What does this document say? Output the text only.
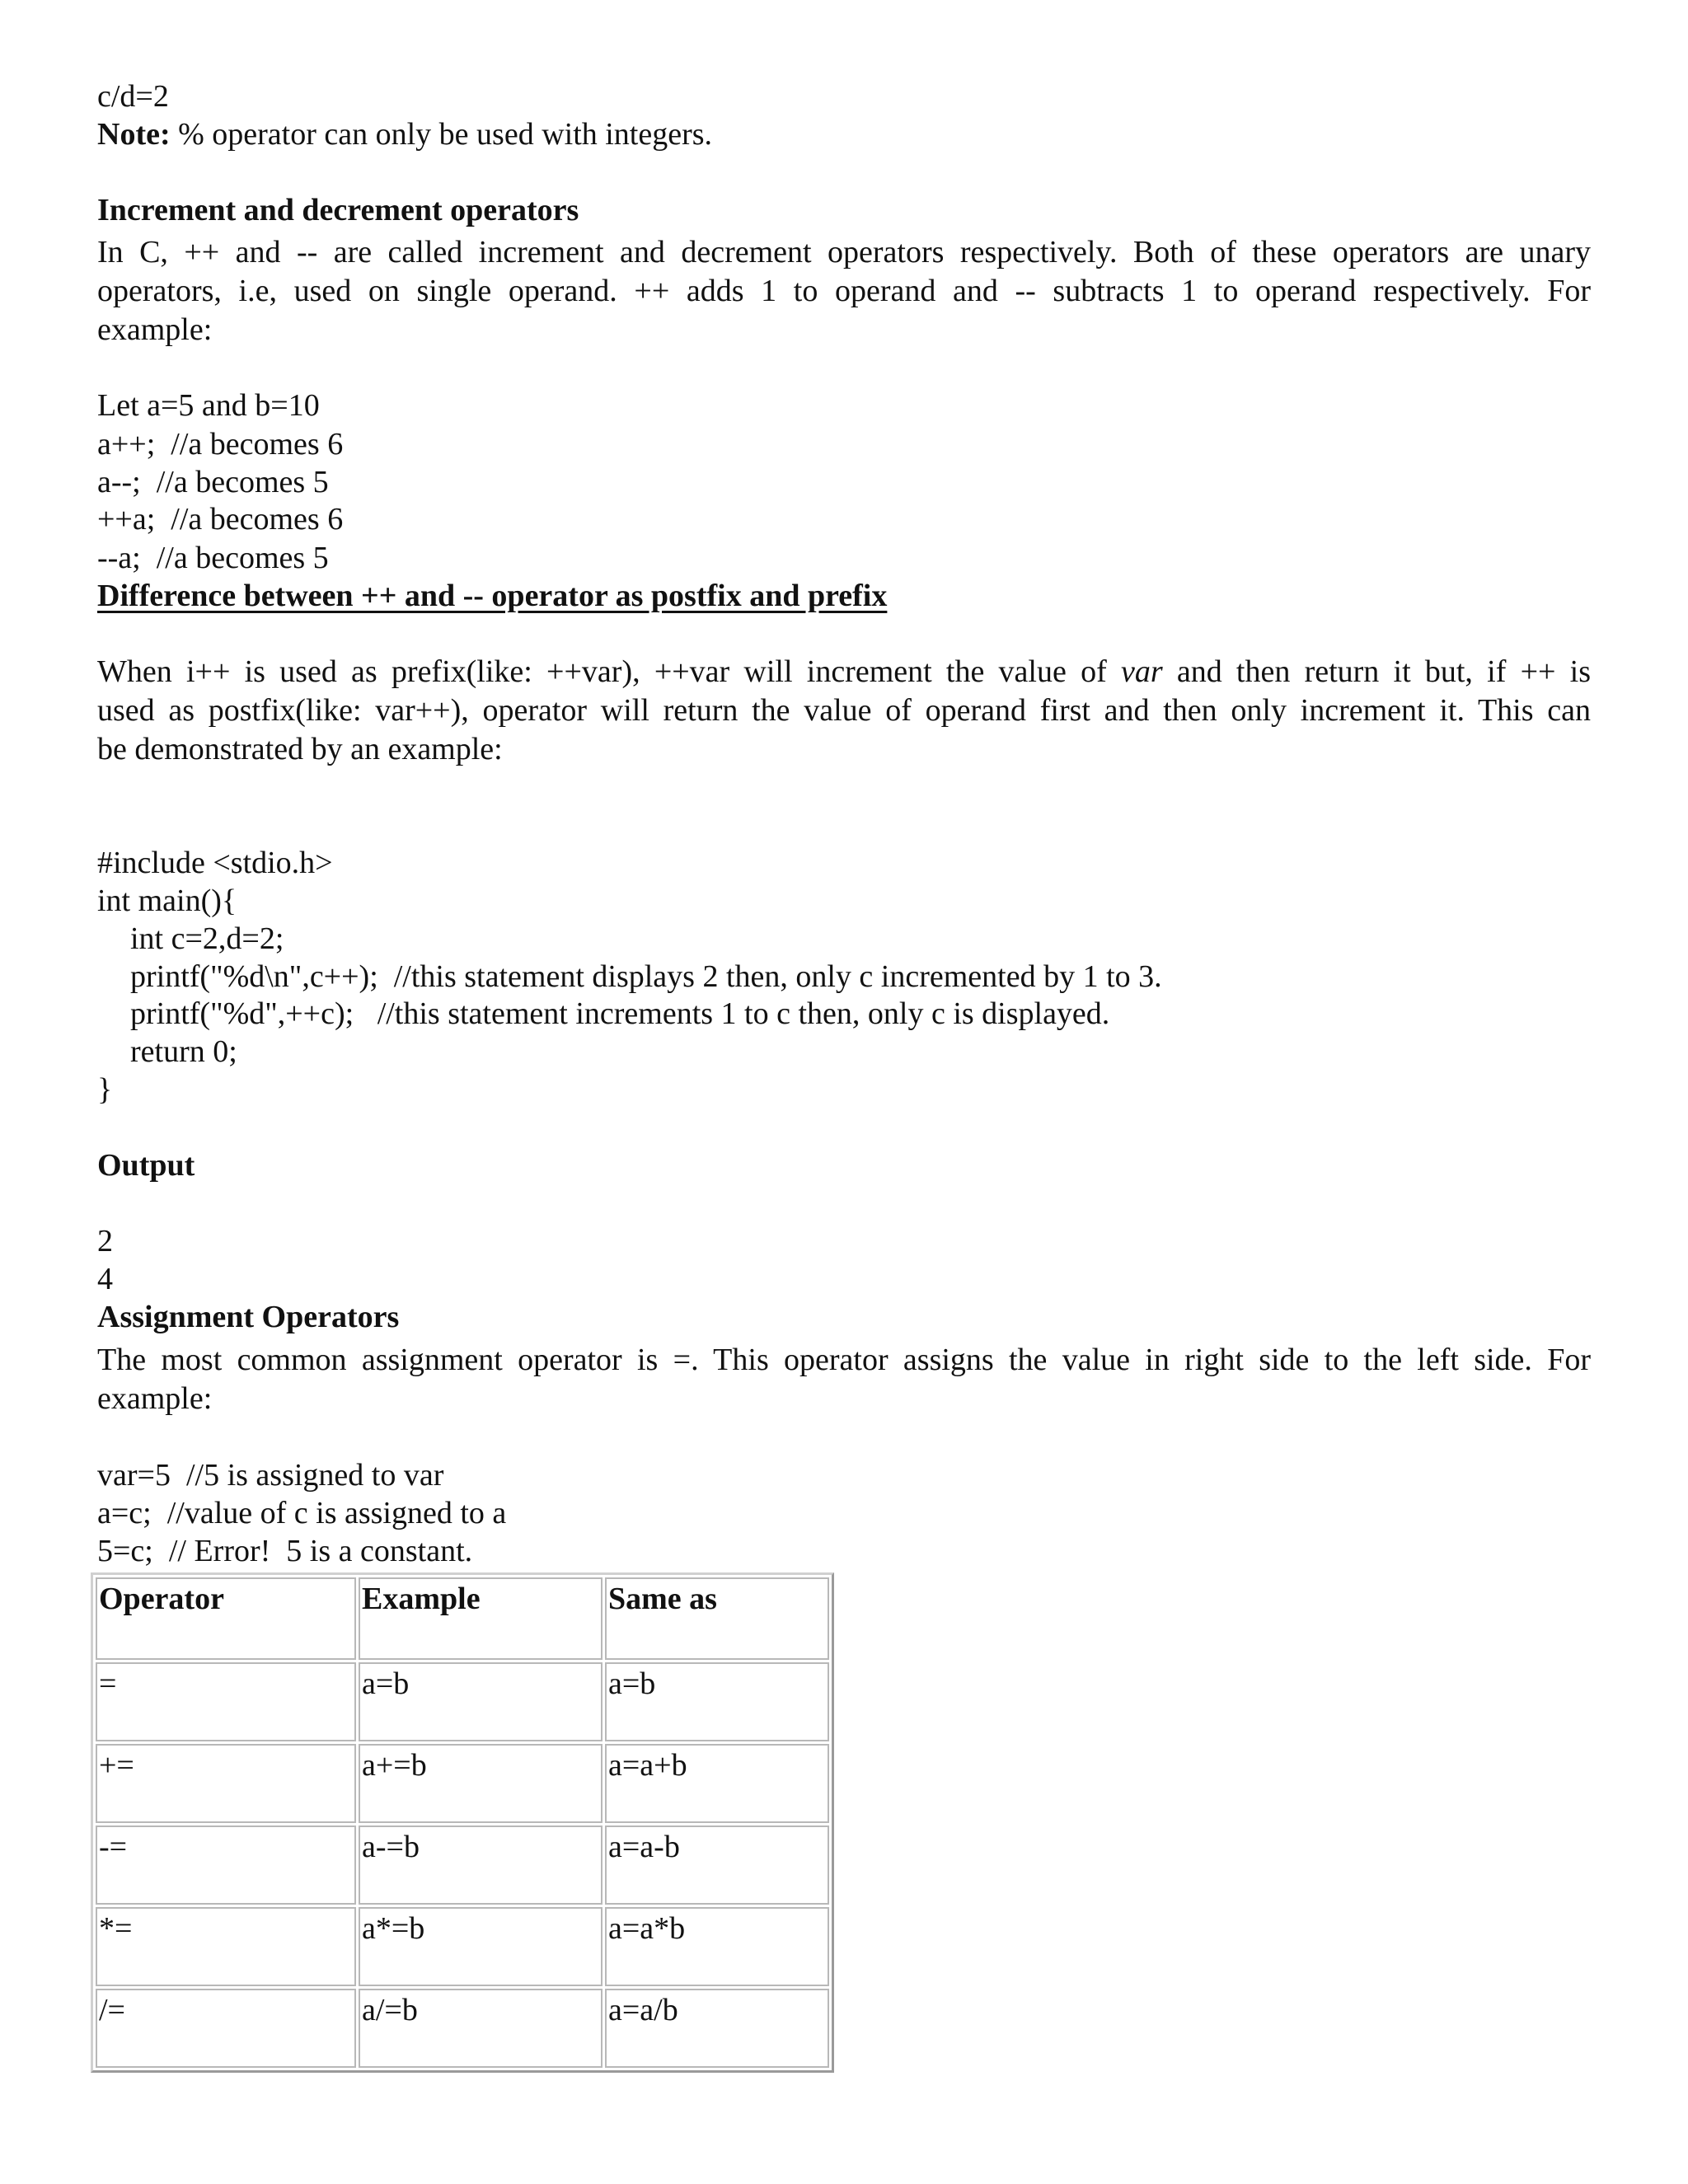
c/d=2
Note: % operator can only be used with integers.
Increment and decrement operators
In C, ++ and -- are called increment and decrement operators respectively. Both of these operators are unary
operators, i.e, used on single operand. ++ adds 1 to operand and -- subtracts 1 to operand respectively. For
example:
Let a=5 and b=10
a++;  //a becomes 6
a--;  //a becomes 5
++a;  //a becomes 6
--a;  //a becomes 5
Difference between ++ and -- operator as postfix and prefix
When i++ is used as prefix(like: ++var), ++var will increment the value of var and then return it but, if ++ is
used as postfix(like: var++), operator will return the value of operand first and then only increment it. This can
be demonstrated by an example:
#include <stdio.h>
int main(){
int c=2,d=2;
printf("%d\n",c++);  //this statement displays 2 then, only c incremented by 1 to 3.
printf("%d",++c);   //this statement increments 1 to c then, only c is displayed.
return 0;
}
Output
2
4
Assignment Operators
The most common assignment operator is =. This operator assigns the value in right side to the left side. For
example:
var=5  //5 is assigned to var
a=c;  //value of c is assigned to a
5=c;  // Error!  5 is a constant.
Operator	Example	Same as
=	a=b	a=b
+=	a+=b	a=a+b
-=	a-=b	a=a-b
*=	a*=b	a=a*b
/=	a/=b	a=a/b
